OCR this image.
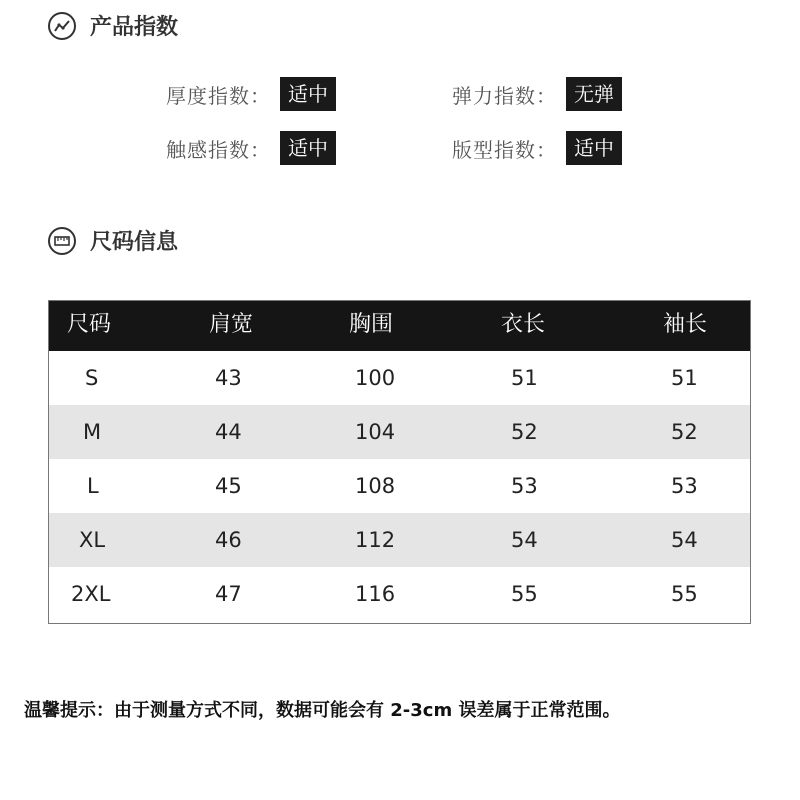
产品指数
厚度指数 ： 适中	弹力指数 ： 无弹
触感指数 ： 适中	版型指数 ： 适中
尺码信息
尺码	肩宽	胸围	衣长	袖长
S	43	100	51	51
M	44	104	52	52
L	45	108	53	53
XL	46	112	54	54
2XL	47	116	55	55
温馨提示：由于测量方式不同，数据可能会有 2-3cm 误差属于正常范围。
